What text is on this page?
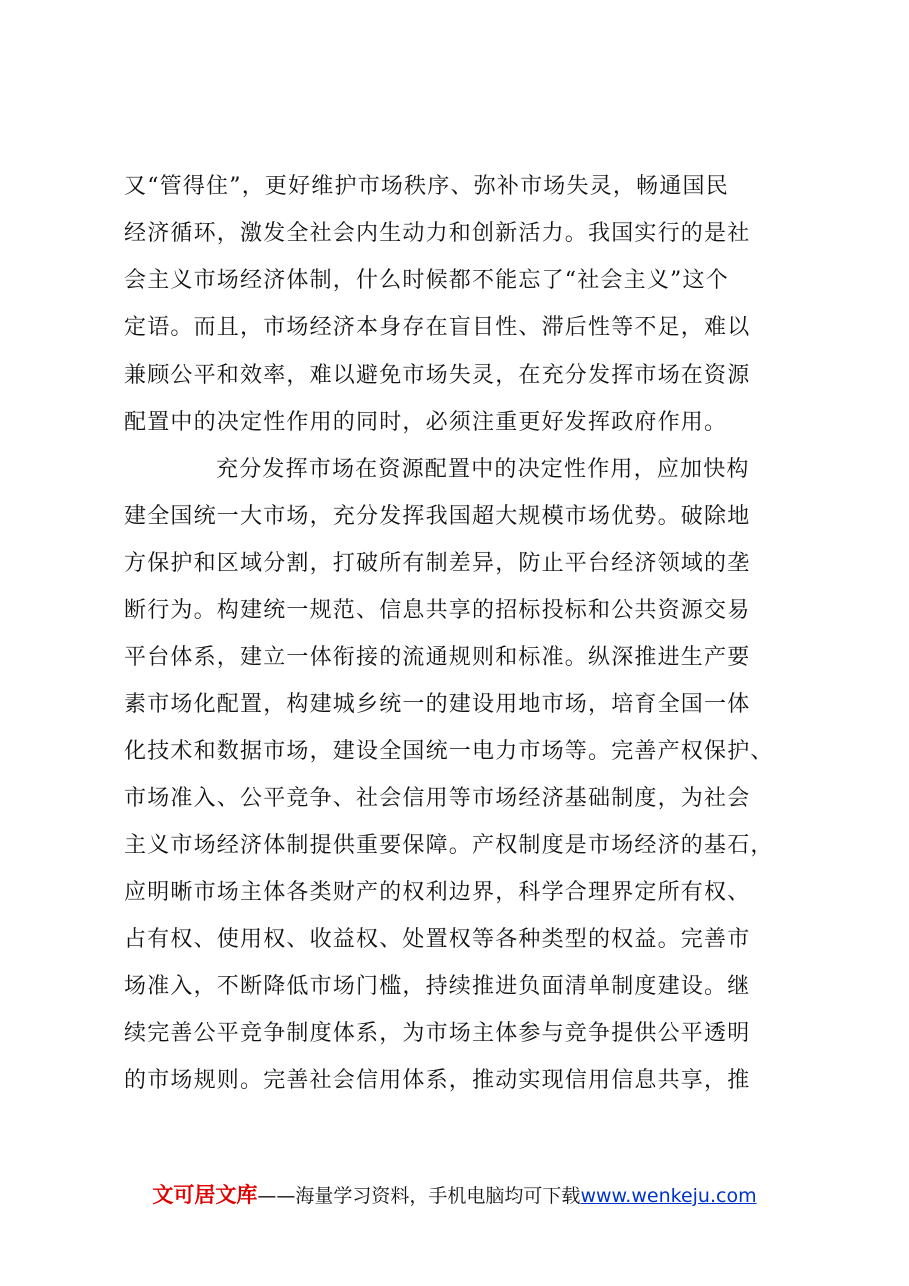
又“管得住”，更好维护市场秩序、弥补市场失灵，畅通国民
经济循环，激发全社会内生动力和创新活力。我国实行的是社
会主义市场经济体制，什么时候都不能忘了“社会主义”这个
定语。而且，市场经济本身存在盲目性、滞后性等不足，难以
兼顾公平和效率，难以避免市场失灵，在充分发挥市场在资源
配置中的决定性作用的同时，必须注重更好发挥政府作用。
充分发挥市场在资源配置中的决定性作用，应加快构
建全国统一大市场，充分发挥我国超大规模市场优势。破除地
方保护和区域分割，打破所有制差异，防止平台经济领域的垄
断行为。构建统一规范、信息共享的招标投标和公共资源交易
平台体系，建立一体衔接的流通规则和标准。纵深推进生产要
素市场化配置，构建城乡统一的建设用地市场，培育全国一体
化技术和数据市场，建设全国统一电力市场等。完善产权保护、
市场准入、公平竞争、社会信用等市场经济基础制度，为社会
主义市场经济体制提供重要保障。产权制度是市场经济的基石，
应明晰市场主体各类财产的权利边界，科学合理界定所有权、
占有权、使用权、收益权、处置权等各种类型的权益。完善市
场准入，不断降低市场门槛，持续推进负面清单制度建设。继
续完善公平竞争制度体系，为市场主体参与竞争提供公平透明
的市场规则。完善社会信用体系，推动实现信用信息共享，推
文可居文库——海量学习资料，手机电脑均可下载www.wenkeju.com
